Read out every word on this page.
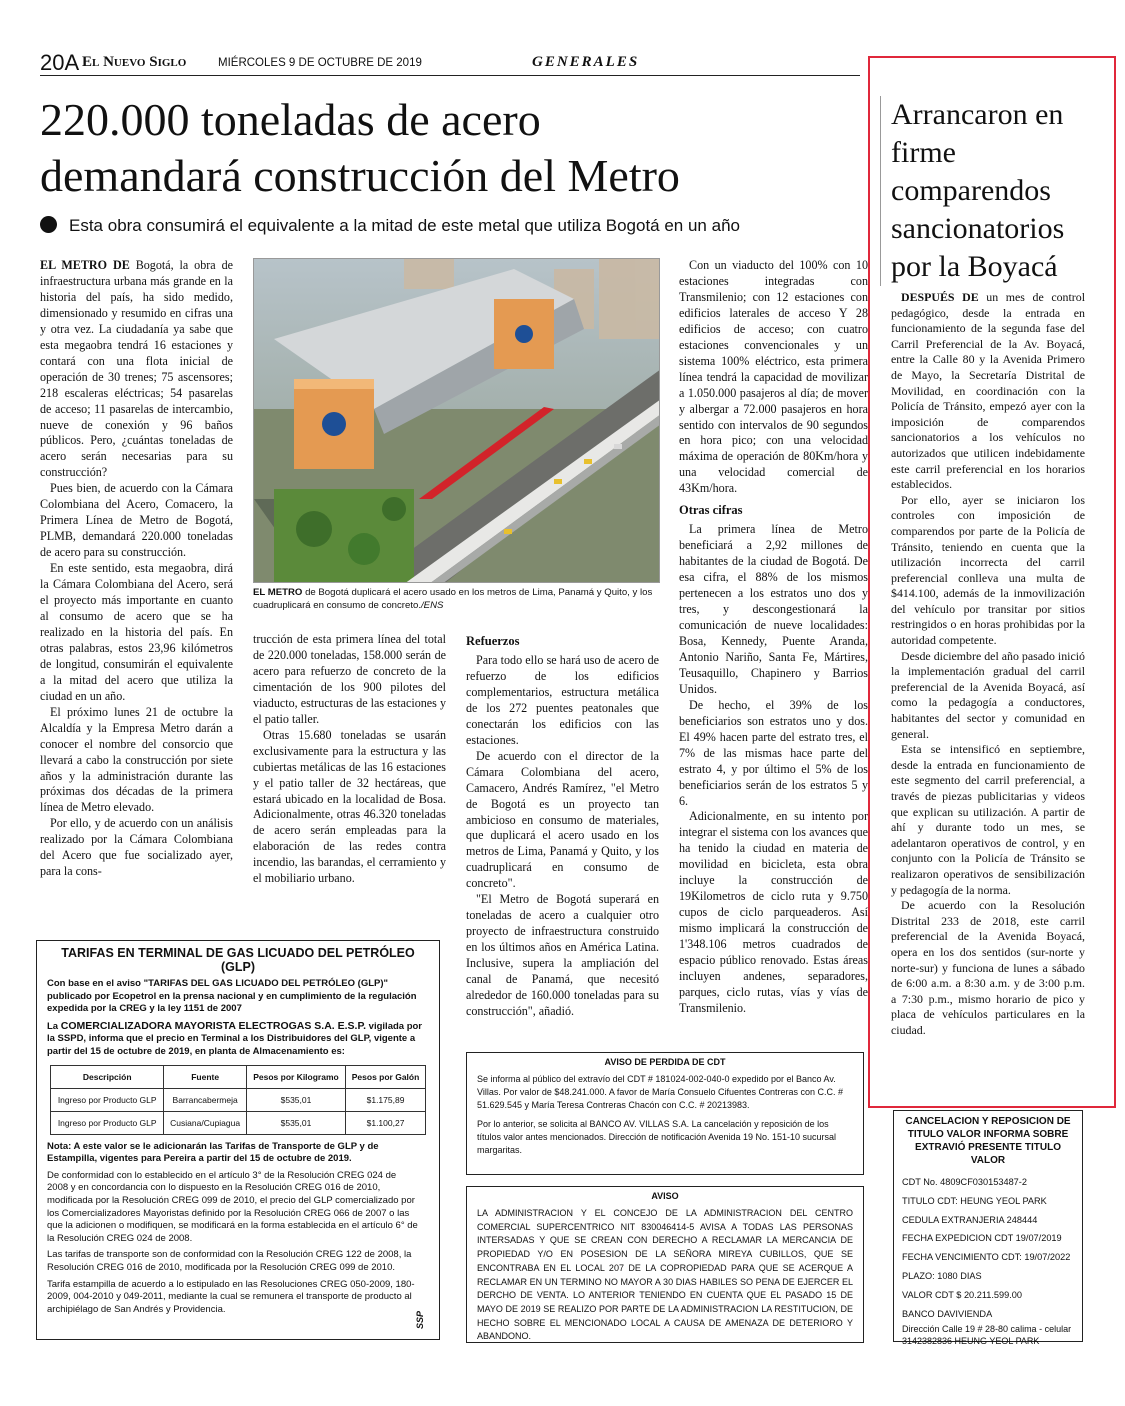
20A El Nuevo Siglo	MIÉRCOLES 9 DE OCTUBRE DE 2019	GENERALES
220.000 toneladas de acero
demandará construcción del Metro
Esta obra consumirá el equivalente a la mitad de este metal que utiliza Bogotá en un año

EL METRO DE Bogotá, la obra de infraestructura urbana más grande en la historia del país, ha sido medido, dimensionado y resumido en cifras una y otra vez. La ciudadanía ya sabe que esta megaobra tendrá 16 estaciones y contará con una flota inicial de operación de 30 trenes; 75 ascensores; 218 escaleras eléctricas; 54 pasarelas de acceso; 11 pasarelas de intercambio, nueve de conexión y 96 baños públicos. Pero, ¿cuántas toneladas de acero serán necesarias para su construcción?

Pues bien, de acuerdo con la Cámara Colombiana del Acero, Comacero, la Primera Línea de Metro de Bogotá, PLMB, demandará 220.000 toneladas de acero para su construcción.

En este sentido, esta megaobra, dirá la Cámara Colombiana del Acero, será el proyecto más importante en cuanto al consumo de acero que se ha realizado en la historia del país. En otras palabras, estos 23,96 kilómetros de longitud, consumirán el equivalente a la mitad del acero que utiliza la ciudad en un año.

El próximo lunes 21 de octubre la Alcaldía y la Empresa Metro darán a conocer el nombre del consorcio que llevará a cabo la construcción por siete años y la administración durante las próximas dos décadas de la primera línea de Metro elevado.

Por ello, y de acuerdo con un análisis realizado por la Cámara Colombiana del Acero que fue socializado ayer, para la cons-

EL METRO de Bogotá duplicará el acero usado en los metros de Lima, Panamá y Quito, y los cuadruplicará en consumo de concreto./ENS

trucción de esta primera línea del total de 220.000 toneladas, 158.000 serán de acero para refuerzo de concreto de la cimentación de los 900 pilotes del viaducto, estructuras de las estaciones y el patio taller.

Otras 15.680 toneladas se usarán exclusivamente para la estructura y las cubiertas metálicas de las 16 estaciones y el patio taller de 32 hectáreas, que estará ubicado en la localidad de Bosa. Adicionalmente, otras 46.320 toneladas de acero serán empleadas para la elaboración de las redes contra incendio, las barandas, el cerramiento y el mobiliario urbano.

Refuerzos

Para todo ello se hará uso de acero de refuerzo de los edificios complementarios, estructura metálica de los 272 puentes peatonales que conectarán los edificios con las estaciones.

De acuerdo con el director de la Cámara Colombiana del acero, Camacero, Andrés Ramírez, "el Metro de Bogotá es un proyecto tan ambicioso en consumo de materiales, que duplicará el acero usado en los metros de Lima, Panamá y Quito, y los cuadruplicará en consumo de concreto".

"El Metro de Bogotá superará en toneladas de acero a cualquier otro proyecto de infraestructura construido en los últimos años en América Latina. Inclusive, supera la ampliación del canal de Panamá, que necesitó alrededor de 160.000 toneladas para su construcción", añadió.

Con un viaducto del 100% con 10 estaciones integradas con Transmilenio; con 12 estaciones con edificios laterales de acceso Y 28 edificios de acceso; con cuatro estaciones convencionales y un sistema 100% eléctrico, esta primera línea tendrá la capacidad de movilizar a 1.050.000 pasajeros al día; de mover y albergar a 72.000 pasajeros en hora sentido con intervalos de 90 segundos en hora pico; con una velocidad máxima de operación de 80Km/hora y una velocidad comercial de 43Km/hora.

Otras cifras

La primera línea de Metro beneficiará a 2,92 millones de habitantes de la ciudad de Bogotá. De esa cifra, el 88% de los mismos pertenecen a los estratos uno dos y tres, y descongestionará la comunicación de nueve localidades: Bosa, Kennedy, Puente Aranda, Antonio Nariño, Santa Fe, Mártires, Teusaquillo, Chapinero y Barrios Unidos.

De hecho, el 39% de los beneficiarios son estratos uno y dos. El 49% hacen parte del estrato tres, el 7% de las mismas hace parte del estrato 4, y por último el 5% de los beneficiarios serán de los estratos 5 y 6.

Adicionalmente, en su intento por integrar el sistema con los avances que ha tenido la ciudad en materia de movilidad en bicicleta, esta obra incluye la construcción de 19Kilometros de ciclo ruta y 9.750 cupos de ciclo parqueaderos. Así mismo implicará la construcción de 1'348.106 metros cuadrados de espacio público renovado. Estas áreas incluyen andenes, separadores, parques, ciclo rutas, vías y vías de Transmilenio.

Arrancaron en firme comparendos sancionatorios por la Boyacá

DESPUÉS DE un mes de control pedagógico, desde la entrada en funcionamiento de la segunda fase del Carril Preferencial de la Av. Boyacá, entre la Calle 80 y la Avenida Primero de Mayo, la Secretaría Distrital de Movilidad, en coordinación con la Policía de Tránsito, empezó ayer con la imposición de comparendos sancionatorios a los vehículos no autorizados que utilicen indebidamente este carril preferencial en los horarios establecidos.

Por ello, ayer se iniciaron los controles con imposición de comparendos por parte de la Policía de Tránsito, teniendo en cuenta que la utilización incorrecta del carril preferencial conlleva una multa de $414.100, además de la inmovilización del vehículo por transitar por sitios restringidos o en horas prohibidas por la autoridad competente.

Desde diciembre del año pasado inició la implementación gradual del carril preferencial de la Avenida Boyacá, así como la pedagogía a conductores, habitantes del sector y comunidad en general.

Esta se intensificó en septiembre, desde la entrada en funcionamiento de este segmento del carril preferencial, a través de piezas publicitarias y videos que explican su utilización. A partir de ahí y durante todo un mes, se adelantaron operativos de control, y en conjunto con la Policía de Tránsito se realizaron operativos de sensibilización y pedagogía de la norma.

De acuerdo con la Resolución Distrital 233 de 2018, este carril preferencial de la Avenida Boyacá, opera en los dos sentidos (sur-norte y norte-sur) y funciona de lunes a sábado de 6:00 a.m. a 8:30 a.m. y de 3:00 p.m. a 7:30 p.m., mismo horario de pico y placa de vehículos particulares en la ciudad.

TARIFAS EN TERMINAL DE GAS LICUADO DEL PETRÓLEO (GLP)
Con base en el aviso "TARIFAS DEL GAS LICUADO DEL PETRÓLEO (GLP)" publicado por Ecopetrol en la prensa nacional y en cumplimiento de la regulación expedida por la CREG y la ley 1151 de 2007
La COMERCIALIZADORA MAYORISTA ELECTROGAS S.A. E.S.P. vigilada por la SSPD, informa que el precio en Terminal a los Distribuidores del GLP, vigente a partir del 15 de octubre de 2019, en planta de Almacenamiento es:
Descripción	Fuente	Pesos por Kilogramo	Pesos por Galón
Ingreso por Producto GLP	Barrancabermeja	$535,01	$1.175,89
Ingreso por Producto GLP	Cusiana/Cupiagua	$535,01	$1.100,27
Nota: A este valor se le adicionarán las Tarifas de Transporte de GLP y de Estampilla, vigentes para Pereira a partir del 15 de octubre de 2019.
De conformidad con lo establecido en el artículo 3° de la Resolución CREG 024 de 2008 y en concordancia con lo dispuesto en la Resolución CREG 016 de 2010, modificada por la Resolución CREG 099 de 2010, el precio del GLP comercializado por los Comercializadores Mayoristas definido por la Resolución CREG 066 de 2007 o las que la adicionen o modifiquen, se modificará en la forma establecida en el artículo 6° de la Resolución CREG 024 de 2008.
Las tarifas de transporte son de conformidad con la Resolución CREG 122 de 2008, la Resolución CREG 016 de 2010, modificada por la Resolución CREG 099 de 2010.
Tarifa estampilla de acuerdo a lo estipulado en las Resoluciones CREG 050-2009, 180-2009, 004-2010 y 049-2011, mediante la cual se remunera el transporte de producto al archipiélago de San Andrés y Providencia.
SSP
AVISO DE PERDIDA DE CDT
Se informa al público del extravío del CDT # 181024-002-040-0 expedido por el Banco Av. Villas. Por valor de $48.241.000. A favor de María Consuelo Cifuentes Contreras con C.C. # 51.629.545 y María Teresa Contreras Chacón con C.C. # 20213983.
Por lo anterior, se solicita al BANCO AV. VILLAS S.A. La cancelación y reposición de los títulos valor antes mencionados. Dirección de notificación Avenida 19 No. 151-10 sucursal margaritas.
AVISO
LA ADMINISTRACION Y EL CONCEJO DE LA ADMINISTRACION DEL CENTRO COMERCIAL SUPERCENTRICO NIT 830046414-5 AVISA A TODAS LAS PERSONAS INTERSADAS Y QUE SE CREAN CON DERECHO A RECLAMAR LA MERCANCIA DE PROPIEDAD Y/O EN POSESION DE LA SEÑORA MIREYA CUBILLOS, QUE SE ENCONTRABA EN EL LOCAL 207 DE LA COPROPIEDAD PARA QUE SE ACERQUE A RECLAMAR EN UN TERMINO NO MAYOR A 30 DIAS HABILES SO PENA DE EJERCER EL DERCHO DE VENTA. LO ANTERIOR TENIENDO EN CUENTA QUE EL PASADO 15 DE MAYO DE 2019 SE REALIZO POR PARTE DE LA ADMINISTRACION LA RESTITUCION, DE HECHO SOBRE EL MENCIONADO LOCAL A CAUSA DE AMENAZA DE DETERIORO Y ABANDONO.
CANCELACION Y REPOSICION DE TITULO VALOR INFORMA SOBRE EXTRAVIÓ PRESENTE TITULO VALOR
CDT No. 4809CF030153487-2
TITULO CDT: HEUNG YEOL PARK
CEDULA EXTRANJERIA 248444
FECHA EXPEDICION CDT 19/07/2019
FECHA VENCIMIENTO CDT: 19/07/2022
PLAZO: 1080 DIAS
VALOR CDT $ 20.211.599.00
BANCO DAVIVIENDA
Dirección Calle 19 # 28-80 calima - celular 3142382836 HEUNG YEOL PARK
